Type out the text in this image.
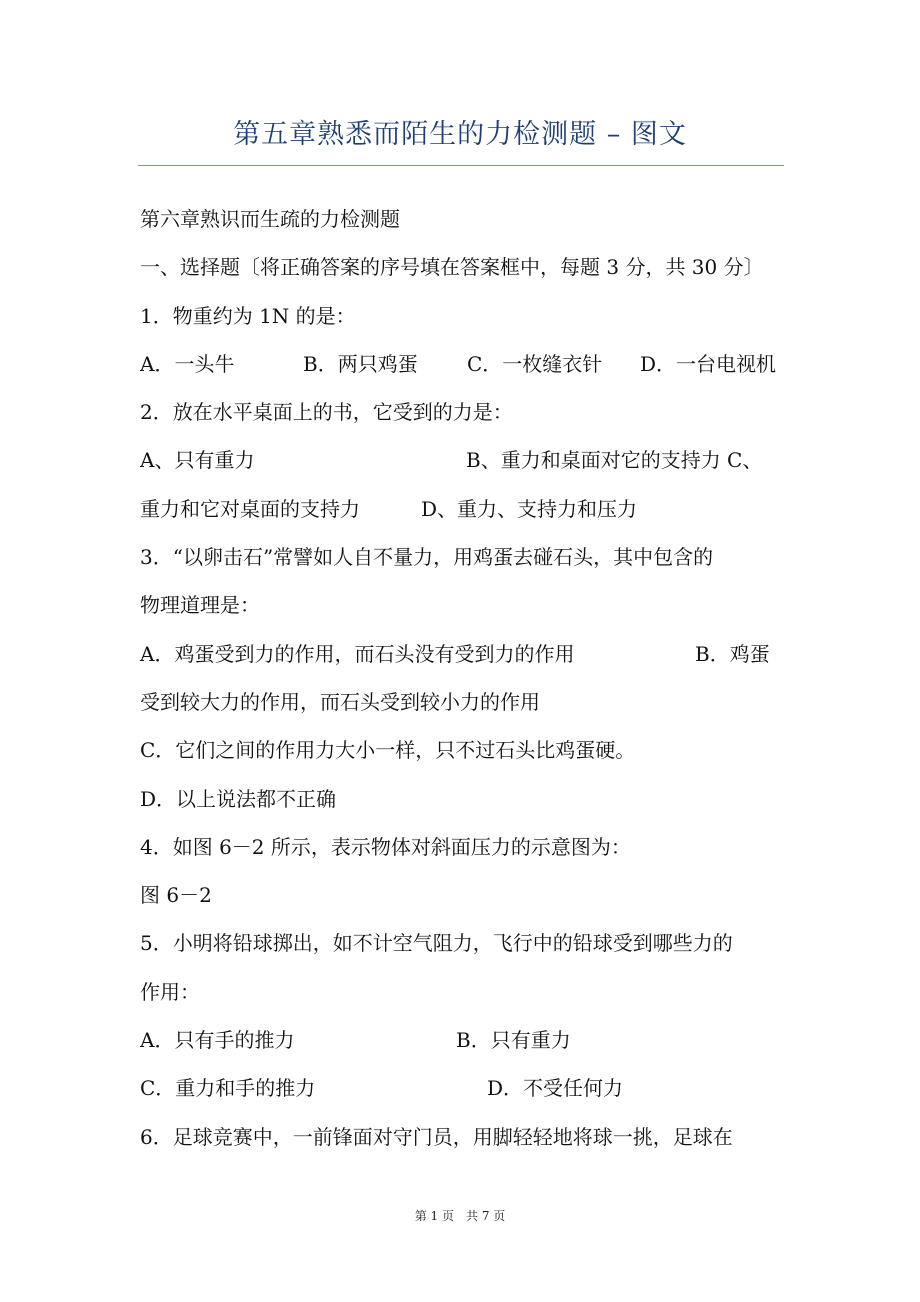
第五章熟悉而陌生的力检测题 – 图文
第六章熟识而生疏的力检测题
一、选择题〔将正确答案的序号填在答案框中，每题 3 分，共 30 分〕
1．物重约为 1N 的是：
A．一头牛	B．两只鸡蛋 C．一枚缝衣针 D．一台电视机
2．放在水平桌面上的书，它受到的力是：
A、只有重力	B、重力和桌面对它的支持力 C、
重力和它对桌面的支持力	D、重力、支持力和压力
3．“以卵击石”常譬如人自不量力，用鸡蛋去碰石头，其中包含的
物理道理是：
A．鸡蛋受到力的作用，而石头没有受到力的作用	B．鸡蛋
受到较大力的作用，而石头受到较小力的作用
C．它们之间的作用力大小一样，只不过石头比鸡蛋硬。
D．以上说法都不正确
4．如图 6－2 所示，表示物体对斜面压力的示意图为：
图 6－2
5．小明将铅球掷出，如不计空气阻力，飞行中的铅球受到哪些力的
作用：
A．只有手的推力	B．只有重力
C．重力和手的推力	D．不受任何力
6．足球竞赛中，一前锋面对守门员，用脚轻轻地将球一挑，足球在
第 1 页　共 7 页
